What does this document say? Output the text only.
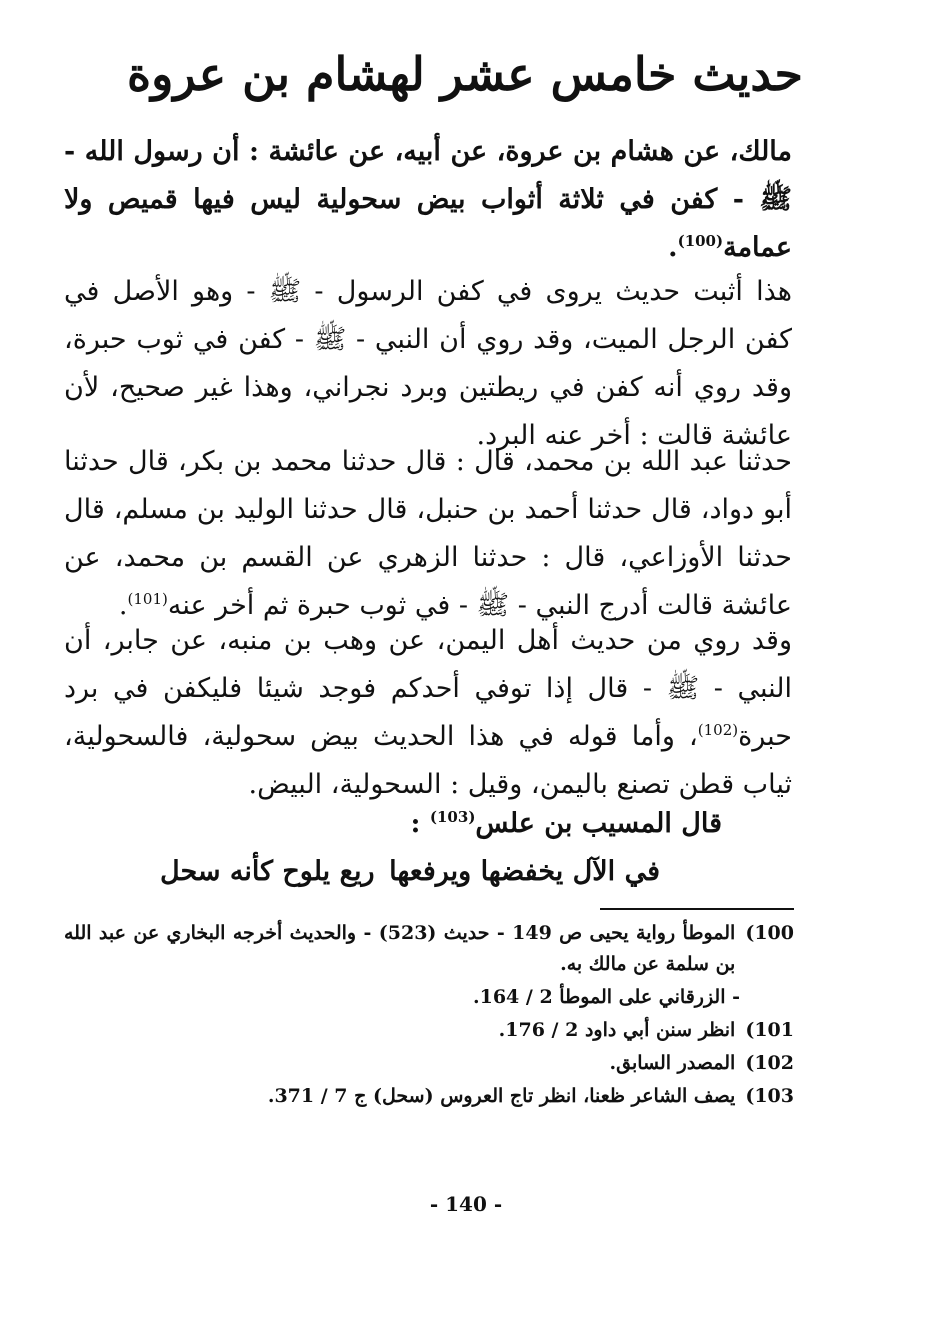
حديث خامس عشر لهشام بن عروة

مالك، عن هشام بن عروة، عن أبيه، عن عائشة : أن رسول الله - ﷺ - كفن في ثلاثة أثواب بيض سحولية ليس فيها قميص ولا عمامة$^{(100)}$.

هذا أثبت حديث يروى في كفن الرسول - ﷺ - وهو الأصل في كفن الرجل الميت، وقد روي أن النبي - ﷺ - كفن في ثوب حبرة، وقد روي أنه كفن في ريطتين وبرد نجراني، وهذا غير صحيح، لأن عائشة قالت : أخر عنه البرد.

حدثنا عبد الله بن محمد، قال : قال حدثنا محمد بن بكر، قال حدثنا أبو دواد، قال حدثنا أحمد بن حنبل، قال حدثنا الوليد بن مسلم، قال حدثنا الأوزاعي، قال : حدثنا الزهري عن القسم بن محمد، عن عائشة قالت أدرج النبي - ﷺ - في ثوب حبرة ثم أخر عنه$^{(101)}$.

وقد روي من حديث أهل اليمن، عن وهب بن منبه، عن جابر، أن النبي - ﷺ - قال إذا توفي أحدكم فوجد شيئا فليكفن في برد حبرة$^{(102)}$، وأما قوله في هذا الحديث بيض سحولية، فالسحولية، ثياب قطن تصنع باليمن، وقيل : السحولية، البيض.

قال المسيب بن علس$^{(103)}$ :

في الآل يخفضها ويرفعها
ريع يلوح كأنه سحل
(100
الموطأ رواية يحيى ص 149 - حديث (523) - والحديث أخرجه البخاري عن عبد الله بن سلمة عن مالك به.
- الزرقاني على الموطأ 2 / 164.
(101
انظر سنن أبي داود 2 / 176.
(102
المصدر السابق.
(103
يصف الشاعر ظعنا، انظر تاج العروس (سحل) ج 7 / 371.
- 140 -
